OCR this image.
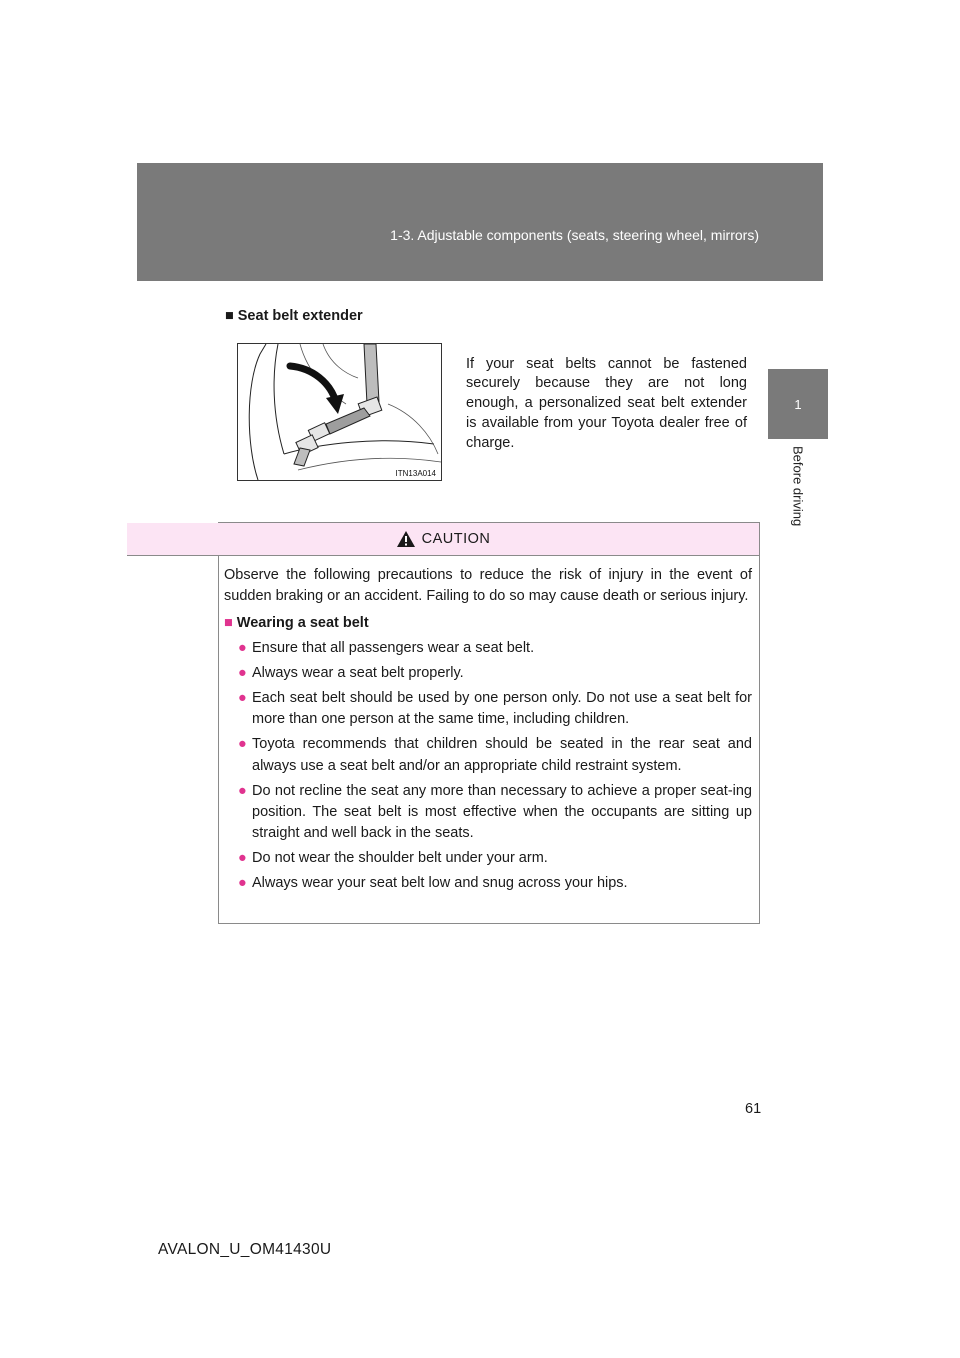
1-3. Adjustable components (seats, steering wheel, mirrors)
1
Before driving
■ Seat belt extender
ITN13A014

If your seat belts cannot be fastened securely because they are not long enough, a personalized seat belt extender is available from your Toyota dealer free of charge.

CAUTION

Observe the following precautions to reduce the risk of injury in the event of sudden braking or an accident. Failing to do so may cause death or serious injury.

■ Wearing a seat belt
● Ensure that all passengers wear a seat belt.
● Always wear a seat belt properly.
● Each seat belt should be used by one person only. Do not use a seat belt for more than one person at the same time, including children.
● Toyota recommends that children should be seated in the rear seat and always use a seat belt and/or an appropriate child restraint system.
● Do not recline the seat any more than necessary to achieve a proper seat-ing position. The seat belt is most effective when the occupants are sitting up straight and well back in the seats.
● Do not wear the shoulder belt under your arm.
● Always wear your seat belt low and snug across your hips.
61
AVALON_U_OM41430U
